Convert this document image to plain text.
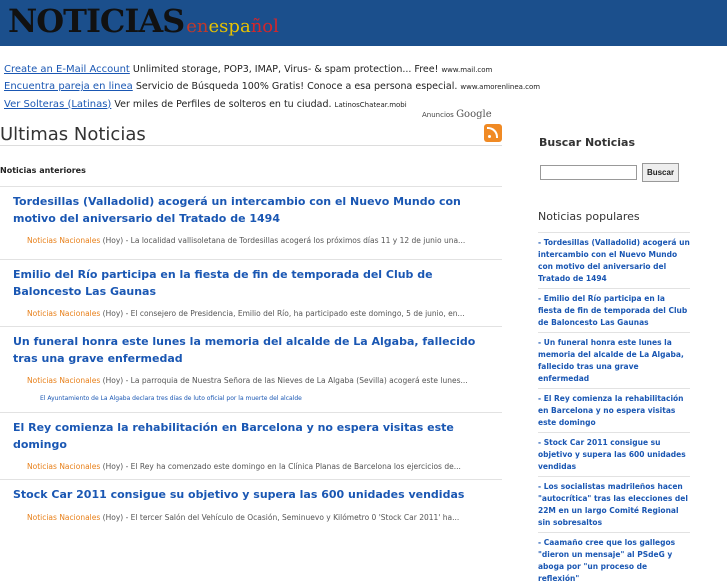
NOTICIAS enespañol
Create an E-Mail Account Unlimited storage, POP3, IMAP, Virus- & spam protection... Free! www.mail.com
Encuentra pareja en linea Servicio de Búsqueda 100% Gratis! Conoce a esa persona especial. www.amorenlinea.com
Ver Solteras (Latinas) Ver miles de Perfiles de solteros en tu ciudad. LatinosChatear.mobi
Anuncios Google
Ultimas Noticias
Noticias anteriores
Tordesillas (Valladolid) acogerá un intercambio con el Nuevo Mundo con motivo del aniversario del Tratado de 1494
Noticias Nacionales (Hoy) - La localidad vallisoletana de Tordesillas acogerá los próximos días 11 y 12 de junio una...
Emilio del Río participa en la fiesta de fin de temporada del Club de Baloncesto Las Gaunas
Noticias Nacionales (Hoy) - El consejero de Presidencia, Emilio del Río, ha participado este domingo, 5 de junio, en...
Un funeral honra este lunes la memoria del alcalde de La Algaba, fallecido tras una grave enfermedad
Noticias Nacionales (Hoy) - La parroquia de Nuestra Señora de las Nieves de La Algaba (Sevilla) acogerá este lunes...
El Ayuntamiento de La Algaba declara tres días de luto oficial por la muerte del alcalde
El Rey comienza la rehabilitación en Barcelona y no espera visitas este domingo
Noticias Nacionales (Hoy) - El Rey ha comenzado este domingo en la Clínica Planas de Barcelona los ejercicios de...
Stock Car 2011 consigue su objetivo y supera las 600 unidades vendidas
Noticias Nacionales (Hoy) - El tercer Salón del Vehículo de Ocasión, Seminuevo y Kilómetro 0 'Stock Car 2011' ha...
Buscar Noticias
Buscar
Noticias populares
- Tordesillas (Valladolid) acogerá un intercambio con el Nuevo Mundo con motivo del aniversario del Tratado de 1494
- Emilio del Río participa en la fiesta de fin de temporada del Club de Baloncesto Las Gaunas
- Un funeral honra este lunes la memoria del alcalde de La Algaba, fallecido tras una grave enfermedad
- El Rey comienza la rehabilitación en Barcelona y no espera visitas este domingo
- Stock Car 2011 consigue su objetivo y supera las 600 unidades vendidas
- Los socialistas madrileños hacen "autocrítica" tras las elecciones del 22M en un largo Comité Regional sin sobresaltos
- Caamaño cree que los gallegos "dieron un mensaje" al PSdeG y aboga por "un proceso de reflexión"
